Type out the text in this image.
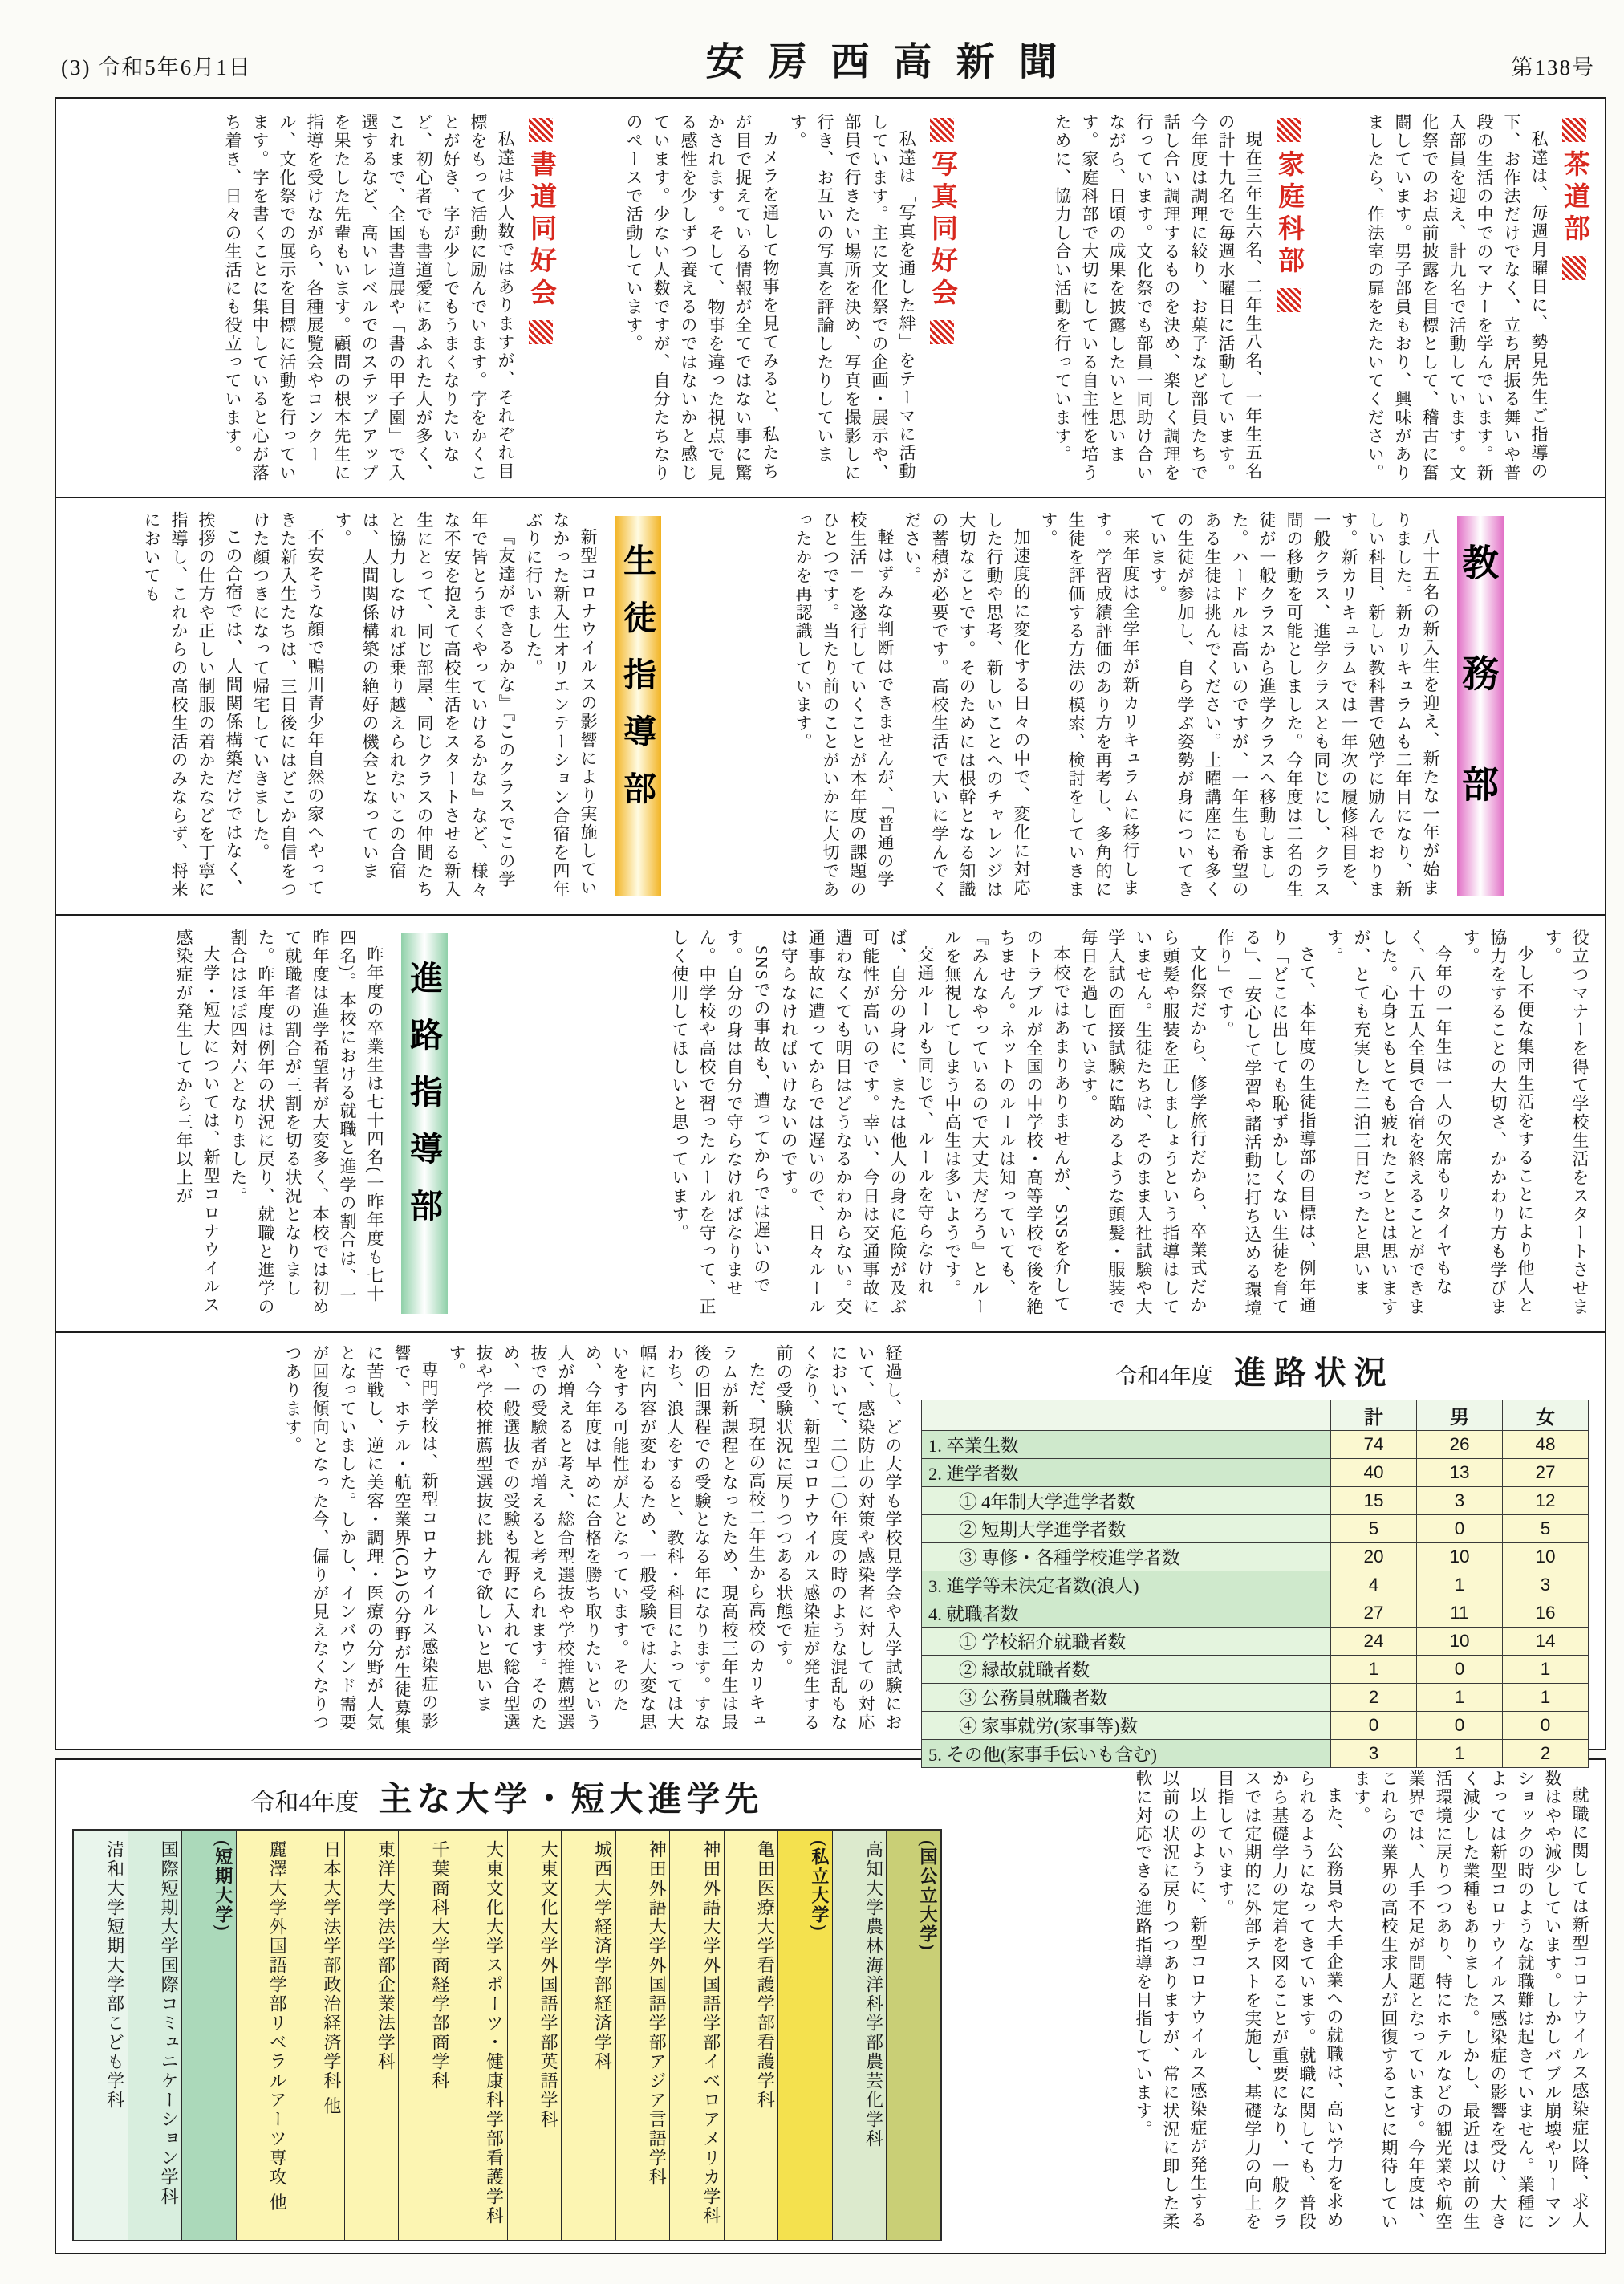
(3) 令和5年6月1日	安房西高新聞	第138号
茶道部

私達は、毎週月曜日に、勢見先生ご指導の下、お作法だけでなく、立ち居振る舞いや普段の生活の中でのマナーを学んでいます。新入部員を迎え、計九名で活動しています。文化祭でのお点前披露を目標として、稽古に奮闘しています。男子部員もおり、興味がありましたら、作法室の扉をたたいてください。

家庭科部

現在三年生六名、二年生八名、一年生五名の計十九名で毎週水曜日に活動しています。今年度は調理に絞り、お菓子など部員たちで話し合い調理するものを決め、楽しく調理を行っています。文化祭でも部員一同助け合いながら、日頃の成果を披露したいと思います。家庭科部で大切にしている自主性を培うために、協力し合い活動を行っています。

写真同好会

私達は「写真を通した絆」をテーマに活動しています。主に文化祭での企画・展示や、部員で行きたい場所を決め、写真を撮影しに行き、お互いの写真を評論したりしています。

カメラを通して物事を見てみると、私たちが目で捉えている情報が全てではない事に驚かされます。そして、物事を違った視点で見る感性を少しずつ養えるのではないかと感じています。少ない人数ですが、自分たちなりのペースで活動しています。

書道同好会

私達は少人数ではありますが、それぞれ目標をもって活動に励んでいます。字をかくことが好き、字が少しでもうまくなりたいなど、初心者でも書道愛にあふれた人が多く、これまで、全国書道展や「書の甲子園」で入選するなど、高いレベルでのステップアップを果たした先輩もいます。顧問の根本先生に指導を受けながら、各種展覧会やコンクール、文化祭での展示を目標に活動を行っています。字を書くことに集中していると心が落ち着き、日々の生活にも役立っています。

教務部

八十五名の新入生を迎え、新たな一年が始まりました。新カリキュラムも二年目になり、新しい科目、新しい教科書で勉学に励んでおります。新カリキュラムでは一年次の履修科目を、一般クラス、進学クラスとも同じにし、クラス間の移動を可能としました。今年度は二名の生徒が一般クラスから進学クラスへ移動しました。ハードルは高いのですが、一年生も希望のある生徒は挑んでください。土曜講座にも多くの生徒が参加し、自ら学ぶ姿勢が身についてきています。

来年度は全学年が新カリキュラムに移行します。学習成績評価のあり方を再考し、多角的に生徒を評価する方法の模索、検討をしていきます。

加速度的に変化する日々の中で、変化に対応した行動や思考、新しいことへのチャレンジは大切なことです。そのためには根幹となる知識の蓄積が必要です。高校生活で大いに学んでください。

軽はずみな判断はできませんが、「普通の学校生活」を遂行していくことが本年度の課題のひとつです。当たり前のことがいかに大切であったかを再認識しています。

生徒指導部

新型コロナウイルスの影響により実施していなかった新入生オリエンテーション合宿を四年ぶりに行いました。

『友達ができるかな』『このクラスでこの学年で皆とうまくやっていけるかな』など、様々な不安を抱えて高校生活をスタートさせる新入生にとって、同じ部屋、同じクラスの仲間たちと協力しなければ乗り越えられないこの合宿は、人間関係構築の絶好の機会となっています。

不安そうな顔で鴨川青少年自然の家へやってきた新入生たちは、三日後にはどこか自信をつけた顔つきになって帰宅していきました。

この合宿では、人間関係構築だけではなく、挨拶の仕方や正しい制服の着かたなどを丁寧に指導し、これからの高校生活のみならず、将来においても

役立つマナーを得て学校生活をスタートさせます。

少し不便な集団生活をすることにより他人と協力をすることの大切さ、かかわり方も学びます。

今年の一年生は一人の欠席もリタイヤもなく、八十五人全員で合宿を終えることができました。心身ともとても疲れたこととは思いますが、とても充実した二泊三日だったと思います。

さて、本年度の生徒指導部の目標は、例年通り「どこに出しても恥ずかしくない生徒を育てる」、「安心して学習や諸活動に打ち込める環境作り」です。

文化祭だから、修学旅行だから、卒業式だから頭髪や服装を正しましょうという指導はしていません。生徒たちは、そのまま入社試験や大学入試の面接試験に臨めるような頭髪・服装で毎日を過しています。

本校ではあまりありませんが、SNSを介してのトラブルが全国の中学校・高等学校で後を絶ちません。ネットのルールは知っていても、『みんなやっているので大丈夫だろう』とルールを無視してしまう中高生は多いようです。

交通ルールも同じで、ルールを守らなければ、自分の身に、または他人の身に危険が及ぶ可能性が高いのです。幸い、今日は交通事故に遭わなくても明日はどうなるかわからない。交通事故に遭ってからでは遅いので、日々ルールは守らなければいけないのです。

SNSでの事故も、遭ってからでは遅いのです。自分の身は自分で守らなければなりません。中学校や高校で習ったルールを守って、正しく使用してほしいと思っています。

進路指導部

昨年度の卒業生は七十四名(一昨年度も七十四名)。本校における就職と進学の割合は、一昨年度は進学希望者が大変多く、本校では初めて就職者の割合が三割を切る状況となりました。昨年度は例年の状況に戻り、就職と進学の割合はほぼ四対六となりました。

大学・短大については、新型コロナウイルス感染症が発生してから三年以上が

令和4年度 進路状況
	計	男	女
1. 卒業生数	74	26	48
2. 進学者数	40	13	27
① 4年制大学進学者数	15	3	12
② 短期大学進学者数	5	0	5
③ 専修・各種学校進学者数	20	10	10
3. 進学等未決定者数(浪人)	4	1	3
4. 就職者数	27	11	16
① 学校紹介就職者数	24	10	14
② 縁故就職者数	1	0	1
③ 公務員就職者数	2	1	1
④ 家事就労(家事等)数	0	0	0
5. その他(家事手伝いも含む)	3	1	2

経過し、どの大学も学校見学会や入学試験において、感染防止の対策や感染者に対しての対応において、二〇二〇年度の時のような混乱もなくなり、新型コロナウイルス感染症が発生する前の受験状況に戻りつつある状態です。

ただ、現在の高校二年生から高校のカリキュラムが新課程となったため、現高校三年生は最後の旧課程での受験となる年になります。すなわち、浪人をすると、教科・科目によっては大幅に内容が変わるため、一般受験では大変な思いをする可能性が大となっています。そのため、今年度は早めに合格を勝ち取りたいという人が増えると考え、総合型選抜や学校推薦型選抜での受験者が増えると考えられます。そのため、一般選抜での受験も視野に入れて総合型選抜や学校推薦型選抜に挑んで欲しいと思います。

専門学校は、新型コロナウイルス感染症の影響で、ホテル・航空業界(CA)の分野が生徒募集に苦戦し、逆に美容・調理・医療の分野が人気となっていました。しかし、インバウンド需要が回復傾向となった今、偏りが見えなくなりつつあります。

就職に関しては新型コロナウイルス感染症以降、求人数はやや減少しています。しかしバブル崩壊やリーマンショックの時のような就職難は起きていません。業種によっては新型コロナウイルス感染症の影響を受け、大きく減少した業種もありました。しかし、最近は以前の生活環境に戻りつつあり、特にホテルなどの観光業や航空業界では、人手不足が問題となっています。今年度は、これらの業界の高校生求人が回復することに期待しています。

また、公務員や大手企業への就職は、高い学力を求められるようになってきています。就職に関しても、普段から基礎学力の定着を図ることが重要になり、一般クラスでは定期的に外部テストを実施し、基礎学力の向上を目指しています。

以上のように、新型コロナウイルス感染症が発生する以前の状況に戻りつつありますが、常に状況に即した柔軟に対応できる進路指導を目指しています。

令和4年度 主な大学・短大進学先
(国公立大学)
高知大学農林海洋科学部農芸化学科
(私立大学)
亀田医療大学看護学部看護学科
神田外語大学外国語学部イベロアメリカ学科
神田外語大学外国語学部アジア言語学科
城西大学経済学部経済学科
大東文化大学外国語学部英語学科
大東文化大学スポーツ・健康科学部看護学科
千葉商科大学商経学部商学科
東洋大学法学部企業法学科
日本大学法学部政治経済学科 他
麗澤大学外国語学部リベラルアーツ専攻 他
(短期大学)
国際短期大学国際コミュニケーション学科
清和大学短期大学部こども学科
